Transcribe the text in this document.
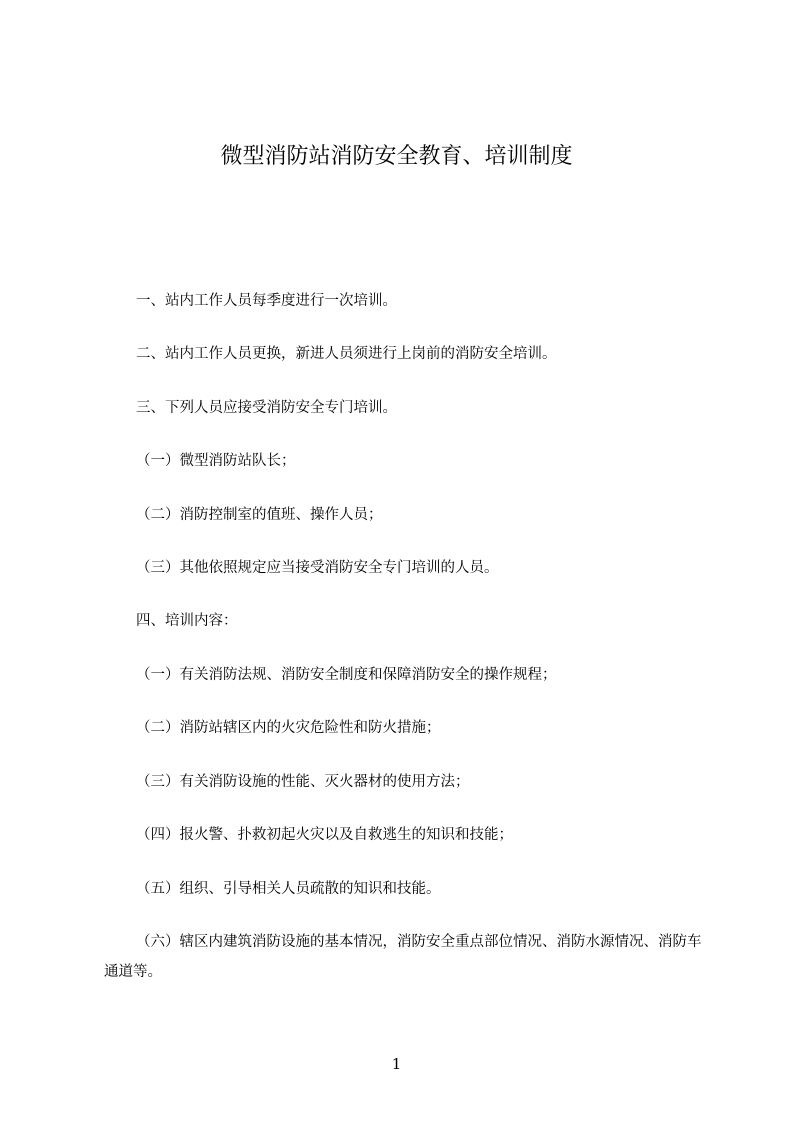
微型消防站消防安全教育、培训制度

一、站内工作人员每季度进行一次培训。

二、站内工作人员更换，新进人员须进行上岗前的消防安全培训。

三、下列人员应接受消防安全专门培训。

（一）微型消防站队长；

（二）消防控制室的值班、操作人员；

（三）其他依照规定应当接受消防安全专门培训的人员。

四、培训内容：

（一）有关消防法规、消防安全制度和保障消防安全的操作规程；

（二）消防站辖区内的火灾危险性和防火措施；

（三）有关消防设施的性能、灭火器材的使用方法；

（四）报火警、扑救初起火灾以及自救逃生的知识和技能；

（五）组织、引导相关人员疏散的知识和技能。

（六）辖区内建筑消防设施的基本情况，消防安全重点部位情况、消防水源情况、消防车通道等。

1
